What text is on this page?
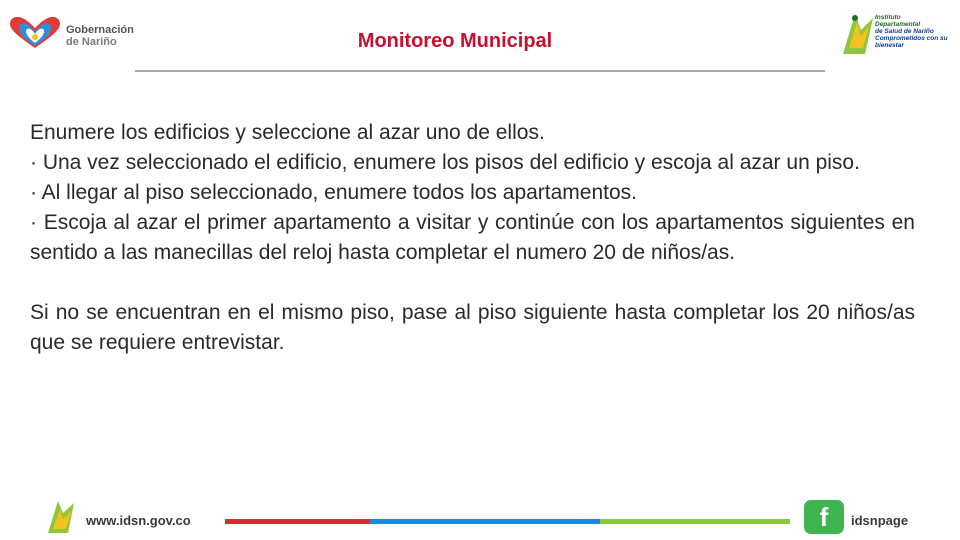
Gobernación
de Nariño	Monitoreo Municipal
Instituto
Departamental
de Salud de Nariño
Comprometidos con su bienestar

Enumere los edificios y seleccione al azar uno de ellos.

· Una vez seleccionado el edificio, enumere los pisos del edificio y escoja al azar un piso.

· Al llegar al piso seleccionado, enumere todos los apartamentos.

· Escoja al azar el primer apartamento a visitar y continúe con los apartamentos siguientes en sentido a las manecillas del reloj hasta completar el numero 20 de niños/as.

Si no se encuentran en el mismo piso, pase al piso siguiente hasta completar los 20 niños/as que se requiere entrevistar.

www.idsn.gov.co	f	idsnpage
